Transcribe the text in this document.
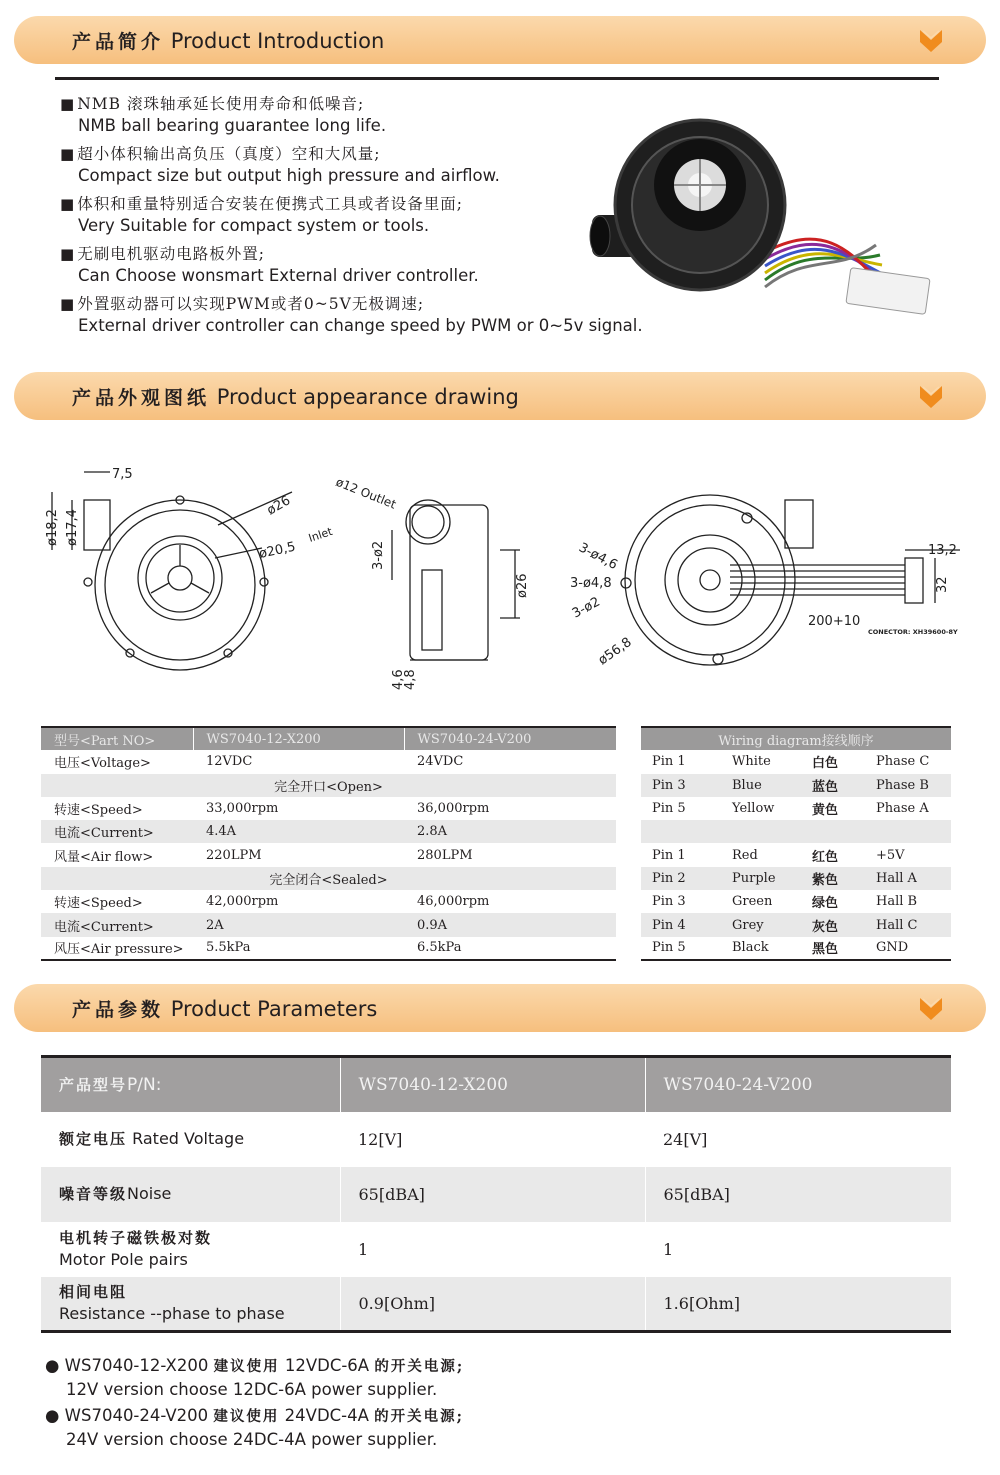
产品简介 Product Introduction
■ NMB 滚珠轴承延长使用寿命和低噪音;
NMB ball bearing guarantee long life.
■ 超小体积输出高负压（真度）空和大风量;
Compact size but output high pressure and airflow.
■ 体积和重量特别适合安装在便携式工具或者设备里面;
Very Suitable for compact system or tools.
■ 无刷电机驱动电路板外置;
Can Choose wonsmart External driver controller.
■ 外置驱动器可以实现PWM或者0~5V无极调速;
External driver controller can change speed by PWM or 0~5v signal.
产品外观图纸 Product appearance drawing
7,5
ø18,2 ø17,4
ø26
ø20,5
Inlet
ø12 Outlet
3-ø2
ø26
4,6
4,8
3-ø4,6
3-ø4,8
3-ø2
ø56,8
200+10
13,2
32
CONECTOR: XH39600-8Y
型号<Part NO>	WS7040-12-X200	WS7040-24-V200
电压<Voltage>	12VDC	24VDC
完全开口<Open>		
转速<Speed>	33,000rpm	36,000rpm
电流<Current>	4.4A	2.8A
风量<Air flow>	220LPM	280LPM
完全闭合<Sealed>		
转速<Speed>	42,000rpm	46,000rpm
电流<Current>	2A	0.9A
风压<Air pressure>	5.5kPa	6.5kPa
Wiring diagram接线顺序			
Pin 1	White	白色	Phase C
Pin 3	Blue	蓝色	Phase B
Pin 5	Yellow	黄色	Phase A

Pin 1	Red	红色	+5V
Pin 2	Purple	紫色	Hall A
Pin 3	Green	绿色	Hall B
Pin 4	Grey	灰色	Hall C
Pin 5	Black	黑色	GND
产品参数 Product Parameters
产品型号P/N:	WS7040-12-X200	WS7040-24-V200
额定电压 Rated Voltage	12[V]	24[V]
噪音等级Noise	65[dBA]	65[dBA]

电机转子磁铁极对数
Motor Pole pairs	1	1

相间电阻
Resistance --phase to phase	0.9[Ohm]	1.6[Ohm]
● WS7040-12-X200 建议使用 12VDC-6A 的开关电源;
12V version choose 12DC-6A power supplier.
● WS7040-24-V200 建议使用 24VDC-4A 的开关电源;
24V version choose 24DC-4A power supplier.
